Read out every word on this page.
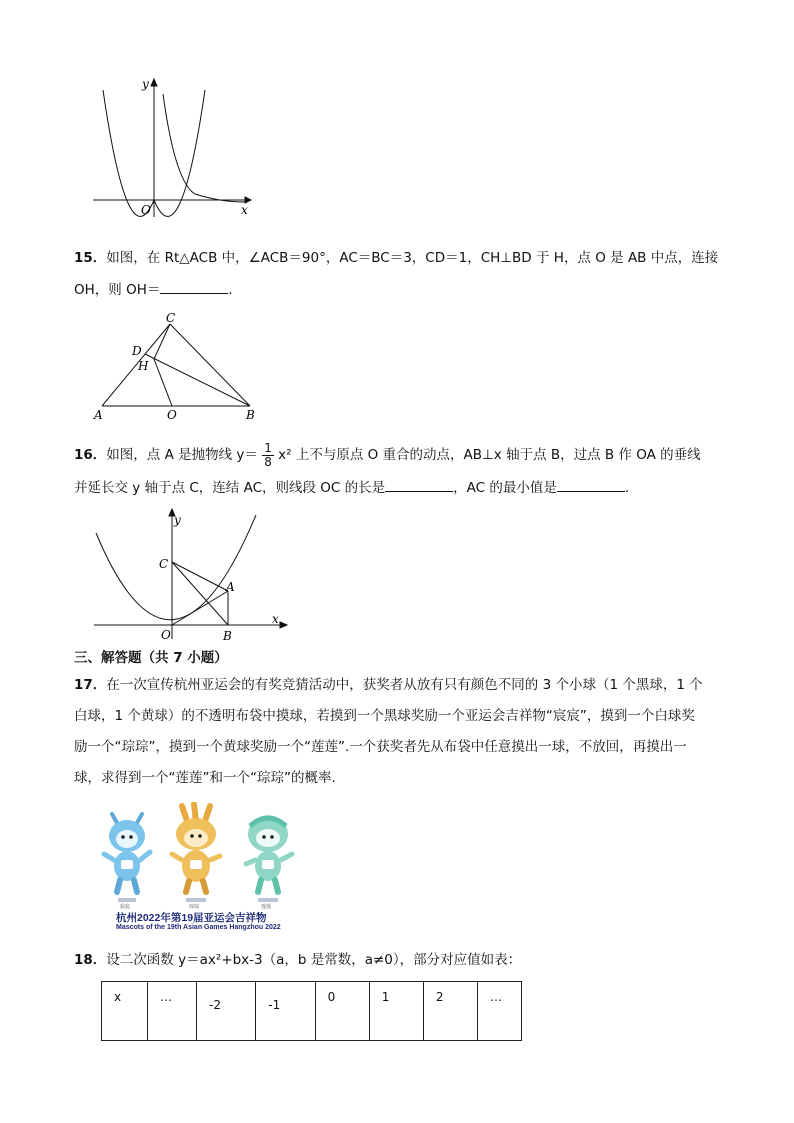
y
x
O
15．如图，在 Rt△ACB 中，∠ACB＝90°，AC＝BC＝3，CD＝1，CH⊥BD 于 H，点 O 是 AB 中点，连接
OH，则 OH＝	.
C
D
H
A	O	B
16．如图，点 A 是抛物线 $y= \frac{1}{8} x^2$ 上不与原点 O 重合的动点，AB⊥x 轴于点 B，过点 B 作 OA 的垂线
并延长交 y 轴于点 C，连结 AC，则线段 OC 的长是	，AC 的最小值是	.
y
x
C
A
O	B
三、解答题（共 7 小题）
17．在一次宣传杭州亚运会的有奖竞猜活动中，获奖者从放有只有颜色不同的 3 个小球（1 个黑球，1 个
白球，1 个黄球）的不透明布袋中摸球，若摸到一个黑球奖励一个亚运会吉祥物“宸宸”，摸到一个白球奖
励一个“琮琮”，摸到一个黄球奖励一个“莲莲”.一个获奖者先从布袋中任意摸出一球，不放回，再摸出一
球，求得到一个“莲莲”和一个“琮琮”的概率.
宸宸	琮琮	莲莲
杭州2022年第19届亚运会吉祥物
Mascots of the 19th Asian Games Hangzhou 2022
18．设二次函数 y＝ax²+bx-3（a，b 是常数，a≠0），部分对应值如表：
x	…	-2	-1	0	1	2	…
